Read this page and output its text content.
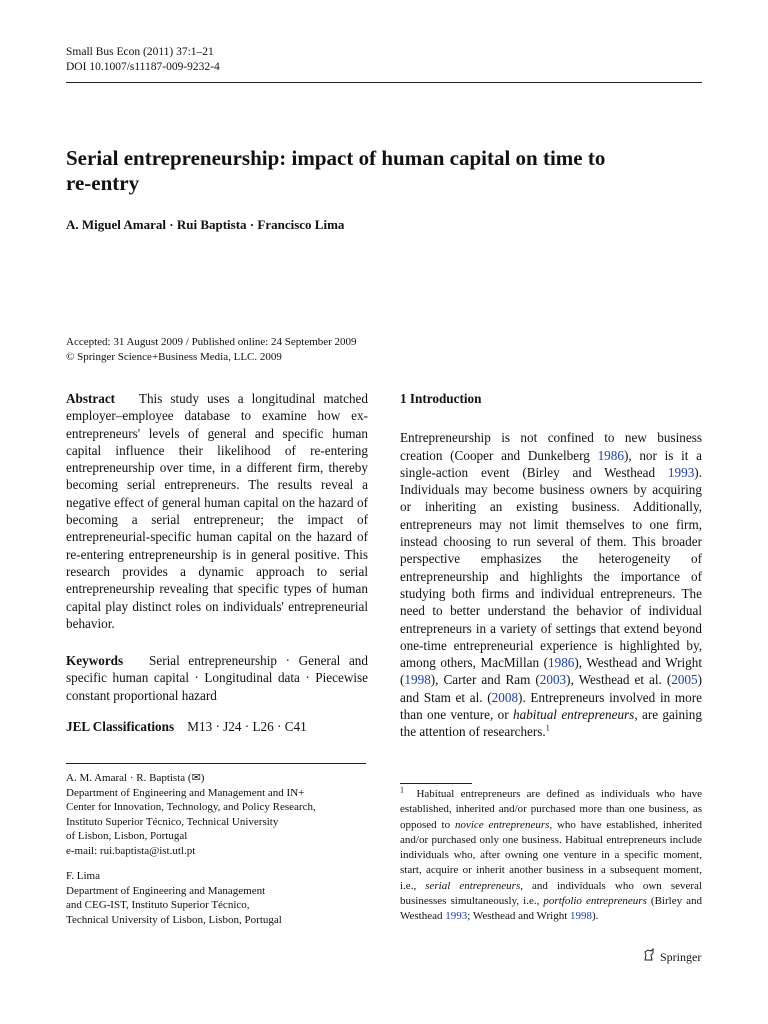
Small Bus Econ (2011) 37:1–21
DOI 10.1007/s11187-009-9232-4
Serial entrepreneurship: impact of human capital on time to re-entry
A. Miguel Amaral · Rui Baptista · Francisco Lima
Accepted: 31 August 2009 / Published online: 24 September 2009
© Springer Science+Business Media, LLC. 2009

Abstract This study uses a longitudinal matched employer–employee database to examine how ex-entrepreneurs' levels of general and specific human capital influence their likelihood of re-entering entrepreneurship over time, in a different firm, thereby becoming serial entrepreneurs. The results reveal a negative effect of general human capital on the hazard of becoming a serial entrepreneur; the impact of entrepreneurial-specific human capital on the hazard of re-entering entrepreneurship is in general positive. This research provides a dynamic approach to serial entrepreneurship revealing that specific types of human capital play distinct roles on individuals' entrepreneurial behavior.

Keywords Serial entrepreneurship · General and specific human capital · Longitudinal data · Piecewise constant proportional hazard

JEL Classifications M13 · J24 · L26 · C41

A. M. Amaral · R. Baptista (✉)
Department of Engineering and Management and IN+
Center for Innovation, Technology, and Policy Research,
Instituto Superior Técnico, Technical University
of Lisbon, Lisbon, Portugal
e-mail: rui.baptista@ist.utl.pt
F. Lima
Department of Engineering and Management
and CEG-IST, Instituto Superior Técnico,
Technical University of Lisbon, Lisbon, Portugal
1 Introduction

Entrepreneurship is not confined to new business creation (Cooper and Dunkelberg 1986), nor is it a single-action event (Birley and Westhead 1993). Individuals may become business owners by acquiring or inheriting an existing business. Additionally, entrepreneurs may not limit themselves to one firm, instead choosing to run several of them. This broader perspective emphasizes the heterogeneity of entrepreneurship and highlights the importance of studying both firms and individual entrepreneurs. The need to better understand the behavior of individual entrepreneurs in a variety of settings that extend beyond one-time entrepreneurial experience is highlighted by, among others, MacMillan (1986), Westhead and Wright (1998), Carter and Ram (2003), Westhead et al. (2005) and Stam et al. (2008). Entrepreneurs involved in more than one venture, or habitual entrepreneurs, are gaining the attention of researchers.$^1$

$^1$ Habitual entrepreneurs are defined as individuals who have established, inherited and/or purchased more than one business, as opposed to novice entrepreneurs, who have established, inherited and/or purchased only one business. Habitual entrepreneurs include individuals who, after owning one venture in a specific moment, start, acquire or inherit another business in a subsequent moment, i.e., serial entrepreneurs, and individuals who own several businesses simultaneously, i.e., portfolio entrepreneurs (Birley and Westhead 1993; Westhead and Wright 1998).
Springer
